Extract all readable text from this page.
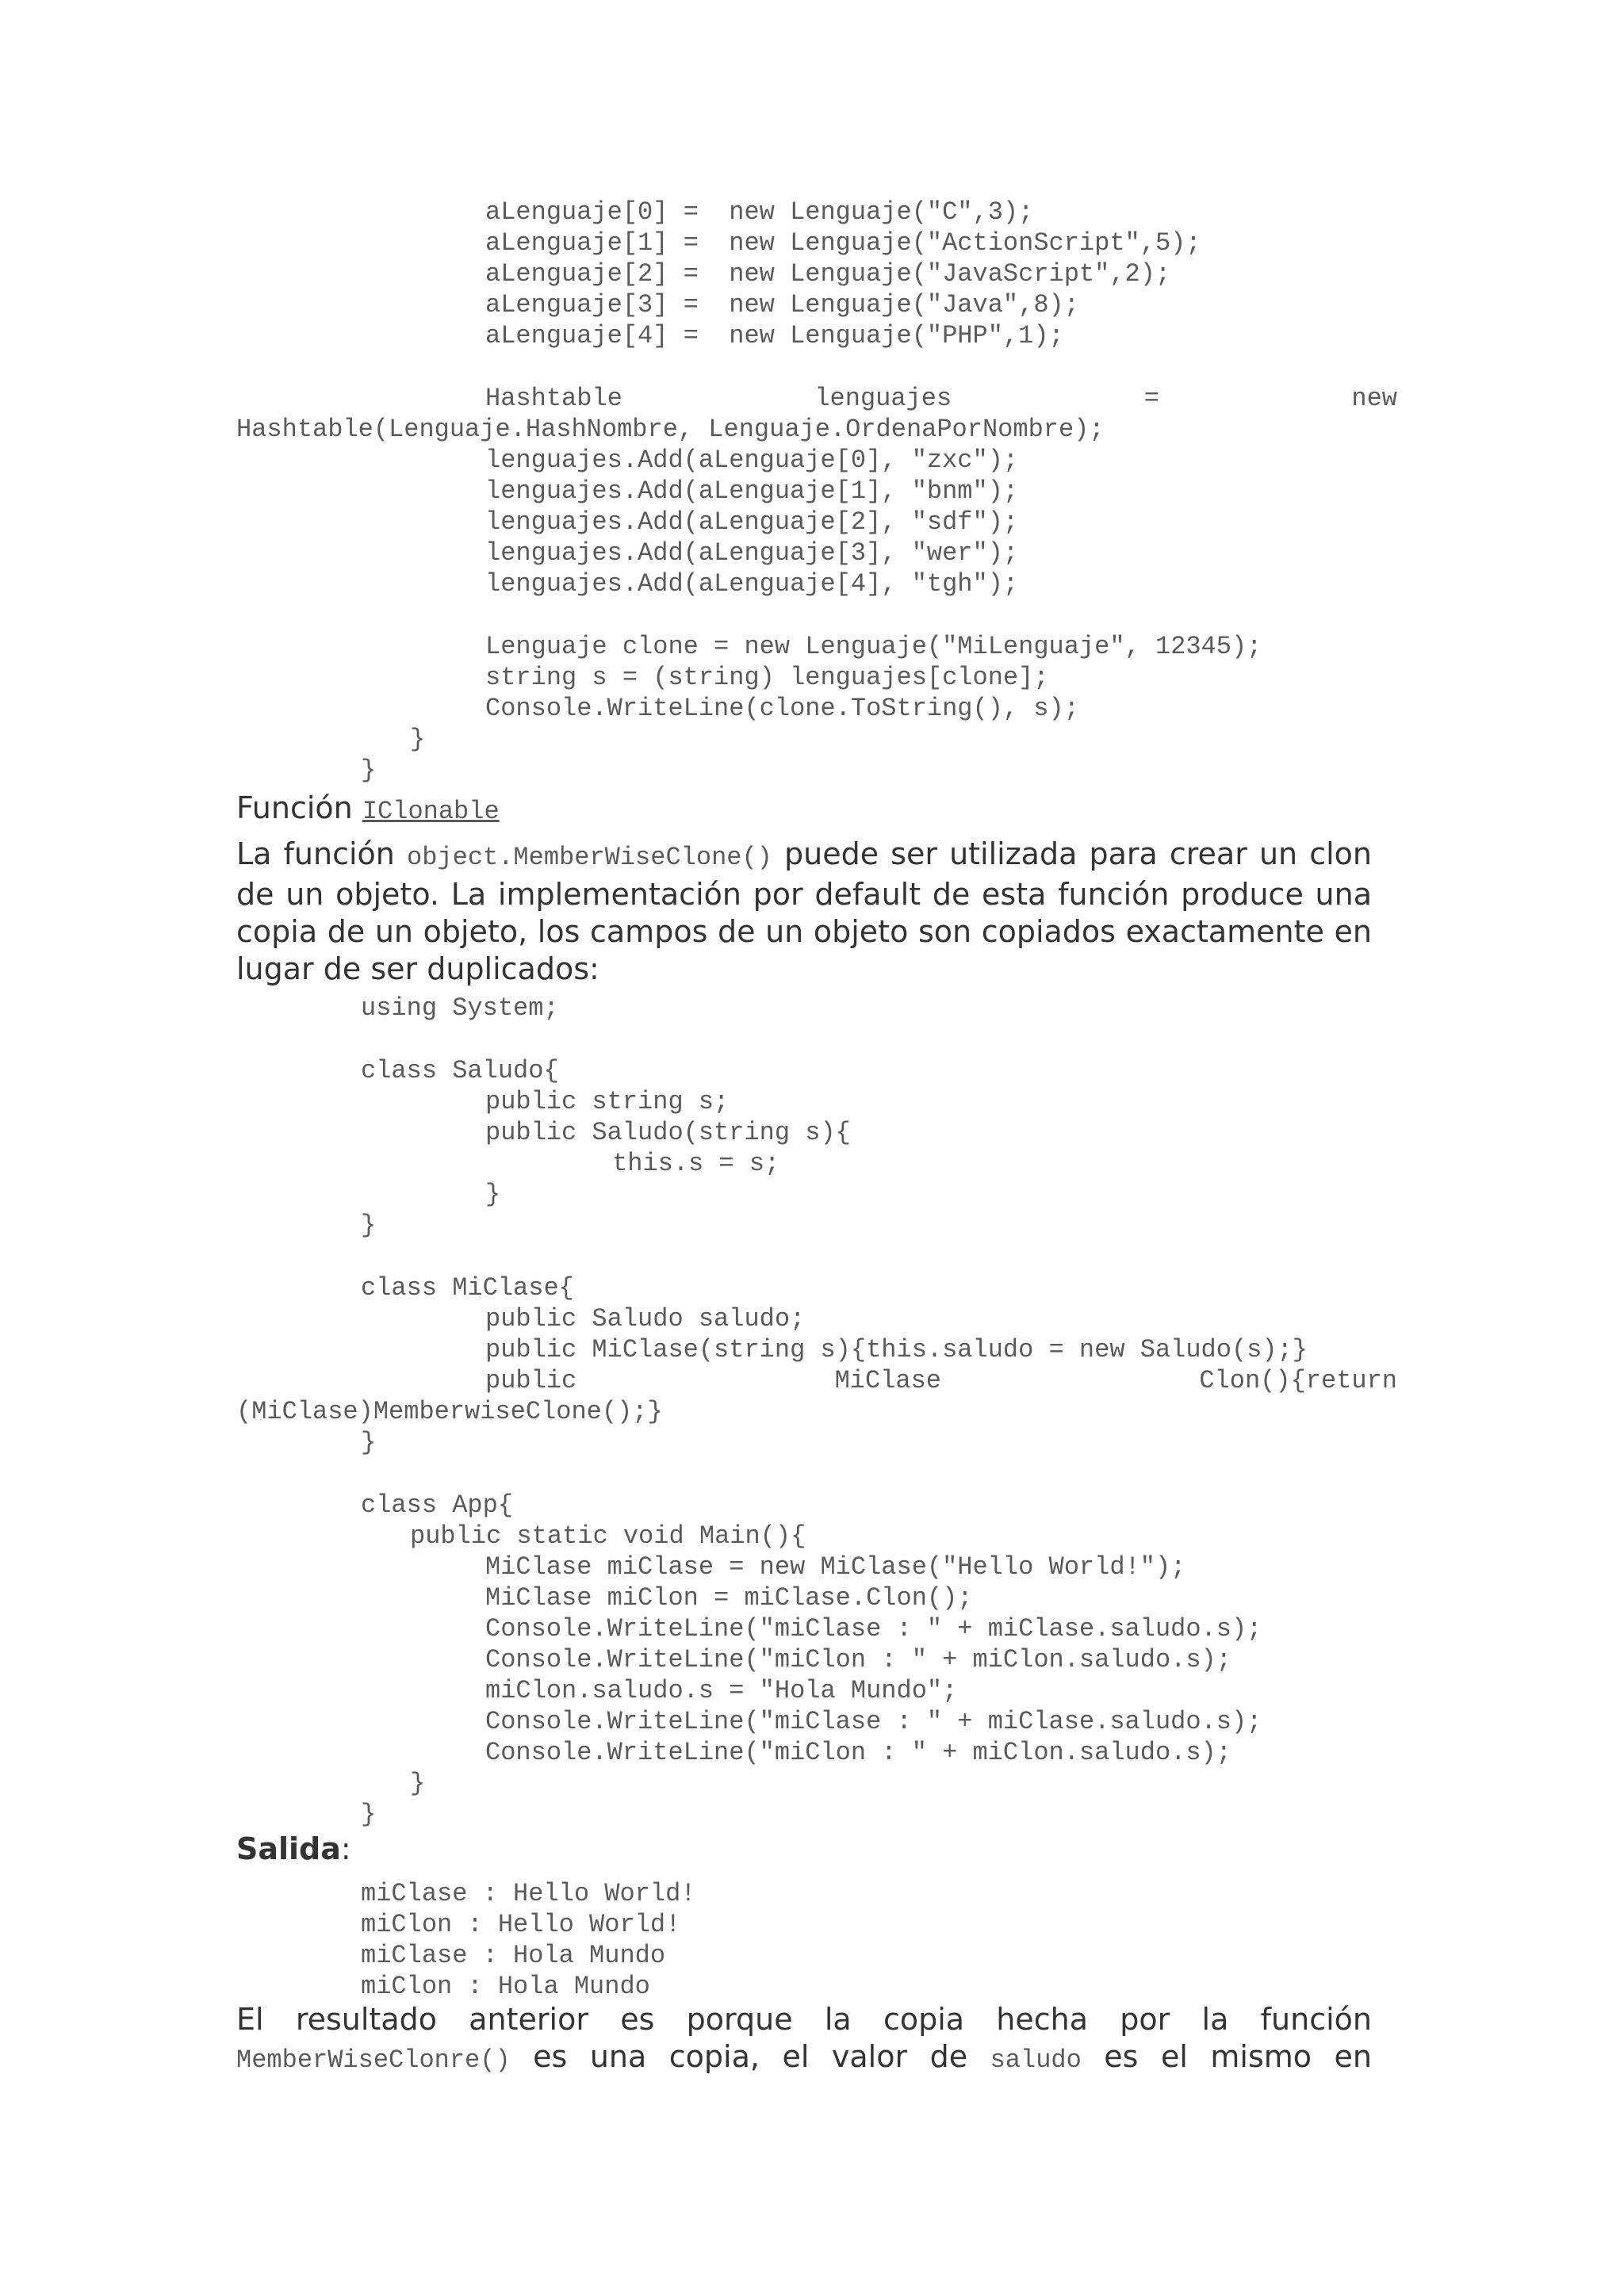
aLenguaje[0] =  new Lenguaje("C",3);
aLenguaje[1] =  new Lenguaje("ActionScript",5);
aLenguaje[2] =  new Lenguaje("JavaScript",2);
aLenguaje[3] =  new Lenguaje("Java",8);
aLenguaje[4] =  new Lenguaje("PHP",1);
Hashtable	lenguajes	=	new
Hashtable(Lenguaje.HashNombre, Lenguaje.OrdenaPorNombre);
lenguajes.Add(aLenguaje[0], "zxc");
lenguajes.Add(aLenguaje[1], "bnm");
lenguajes.Add(aLenguaje[2], "sdf");
lenguajes.Add(aLenguaje[3], "wer");
lenguajes.Add(aLenguaje[4], "tgh");
Lenguaje clone = new Lenguaje("MiLenguaje", 12345);
string s = (string) lenguajes[clone];
Console.WriteLine(clone.ToString(), s);
}
}
Función IClonable
La función object.MemberWiseClone() puede ser utilizada para crear un clon de un objeto. La implementación por default de esta función produce una copia de un objeto, los campos de un objeto son copiados exactamente en lugar de ser duplicados:
using System;
class Saludo{
public string s;
public Saludo(string s){
this.s = s;
}
}
class MiClase{
public Saludo saludo;
public MiClase(string s){this.saludo = new Saludo(s);}
public	MiClase	Clon(){return
(MiClase)MemberwiseClone();}
}
class App{
public static void Main(){
MiClase miClase = new MiClase("Hello World!");
MiClase miClon = miClase.Clon();
Console.WriteLine("miClase : " + miClase.saludo.s);
Console.WriteLine("miClon : " + miClon.saludo.s);
miClon.saludo.s = "Hola Mundo";
Console.WriteLine("miClase : " + miClase.saludo.s);
Console.WriteLine("miClon : " + miClon.saludo.s);
}
}
Salida:
miClase : Hello World!
miClon : Hello World!
miClase : Hola Mundo
miClon : Hola Mundo
El resultado anterior es porque la copia hecha por la función
MemberWiseClonre() es una copia, el valor de saludo es el mismo en
